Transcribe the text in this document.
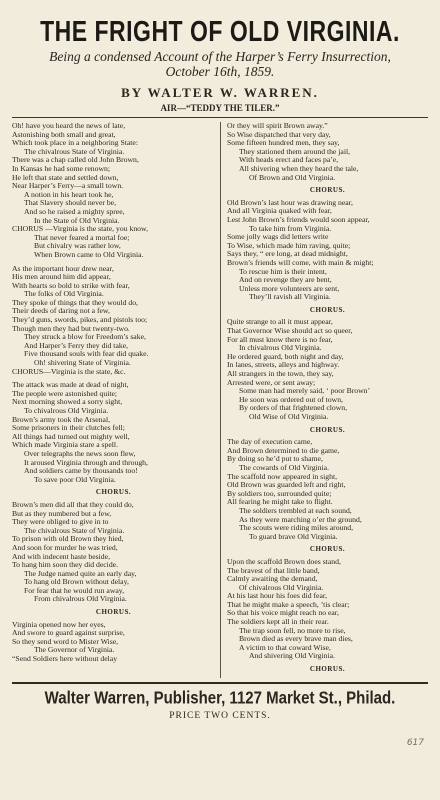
THE FRIGHT OF OLD VIRGINIA.
Being a condensed Account of the Harper’s Ferry Insurrection,
October 16th, 1859.
BY WALTER W. WARREN.
AIR—“TEDDY THE TILER.”
Oh! have you heard the news of late,
Astonishing both small and great,
Which took place in a neighboring State:
The chivalrous State of Virginia.
There was a chap called old John Brown,
In Kansas he had some renown;
He left that state and settled down,
Near Harper’s Ferry—a small town.
A notion in his heart took he,
That Slavery should never be,
And so he raised a mighty spree,
In the State of Old Virginia.
CHORUS —Virginia is the state, you know,
That never feared a mortal foe;
But chivalry was rather low,
When Brown came to Old Virginia.
As the important hour drew near,
His men around him did appear,
With hearts so bold to strike with fear,
The folks of Old Virginia.
They spoke of things that they would do,
Their deeds of daring not a few,
They’d guns, swords, pikes, and pistols too;
Though men they had but twenty-two.
They struck a blow for Freedom’s sake,
And Harper’s Ferry they did take,
Five thousand souls with fear did quake.
Oh! shivering State of Virginia.
CHORUS—Virginia is the state, &c.
The attack was made at dead of night,
The people were astonished quite;
Next morning showed a sorry sight,
To chivalrous Old Virginia.
Brown’s army took the Arsenal,
Some prisoners in their clutches fell;
All things had turned out mighty well,
Which made Virginia stare a spell.
Over telegraphs the news soon flew,
It aroused Virginia through and through,
And soldiers came by thousands too!
To save poor Old Virginia.
CHORUS.
Brown’s men did all that they could do,
But as they numbered but a few,
They were obliged to give in to
The chivalrous State of Virginia.
To prison with old Brown they hied,
And soon for murder he was tried,
And with indecent haste beside,
To hang him soon they did decide.
The Judge named quite an early day,
To hang old Brown without delay,
For fear that he would run away,
From chivalrous Old Virginia.
CHORUS.
Virginia opened now her eyes,
And swore to guard against surprise,
So they send word to Mister Wise,
The Governor of Virginia.
“Send Soldiers here without delay
Or they will spirit Brown away.”
So Wise dispatched that very day,
Some fifteen hundred men, they say,
They stationed them around the jail,
With heads erect and faces pa’e,
All shivering when they heard the tale,
Of Brown and Old Virginia.
CHORUS.
Old Brown’s last hour was drawing near,
And all Virginia quaked with fear,
Lest John Brown’s friends would soon appear,
To take him from Virginia.
Some jolly wags did letters write
To Wise, which made him raving, quite;
Says they, “ ere long, at dead midnight,
Brown’s friends will come, with main & might;
To rescue him is their intent,
And on revenge they are bent,
Unless more volunteers are sent,
They’ll ravish all Virginia.
CHORUS.
Quite strange to all it must appear,
That Governor Wise should act so queer,
For all must know there is no fear,
In chivalrous Old Virginia.
He ordered guard, both night and day,
In lanes, streets, alleys and highway.
All strangers in the town, they say,
Arrested were, or sent away;
Some man had merely said, ‘ poor Brown’
He soon was ordered out of town,
By orders of that frightened clown,
Old Wise of Old Virginia.
CHORUS.
The day of execution came,
And Brown determined to die game,
By doing so he’d put to shame,
The cowards of Old Virginia.
The scaffold now appeared in sight,
Old Brown was guarded left and right,
By soldiers too, surrounded quite;
All fearing he might take to flight.
The soldiers trembled at each sound,
As they were marching o’er the ground,
The scouts were riding miles around,
To guard brave Old Virginia.
CHORUS.
Upon the scaffold Brown does stand,
The bravest of that little band,
Calmly awaiting the demand,
Of chivalrous Old Virginia.
At his last hour his foes did fear,
That he might make a speech, ’tis clear;
So that his voice might reach no ear,
The soldiers kept all in their rear.
The trap soon fell, no more to rise,
Brown died as every brave man dies,
A victim to that coward Wise,
And shivering Old Virginia.
CHORUS.
Walter Warren, Publisher, 1127 Market St., Philad.
PRICE TWO CENTS.
617
